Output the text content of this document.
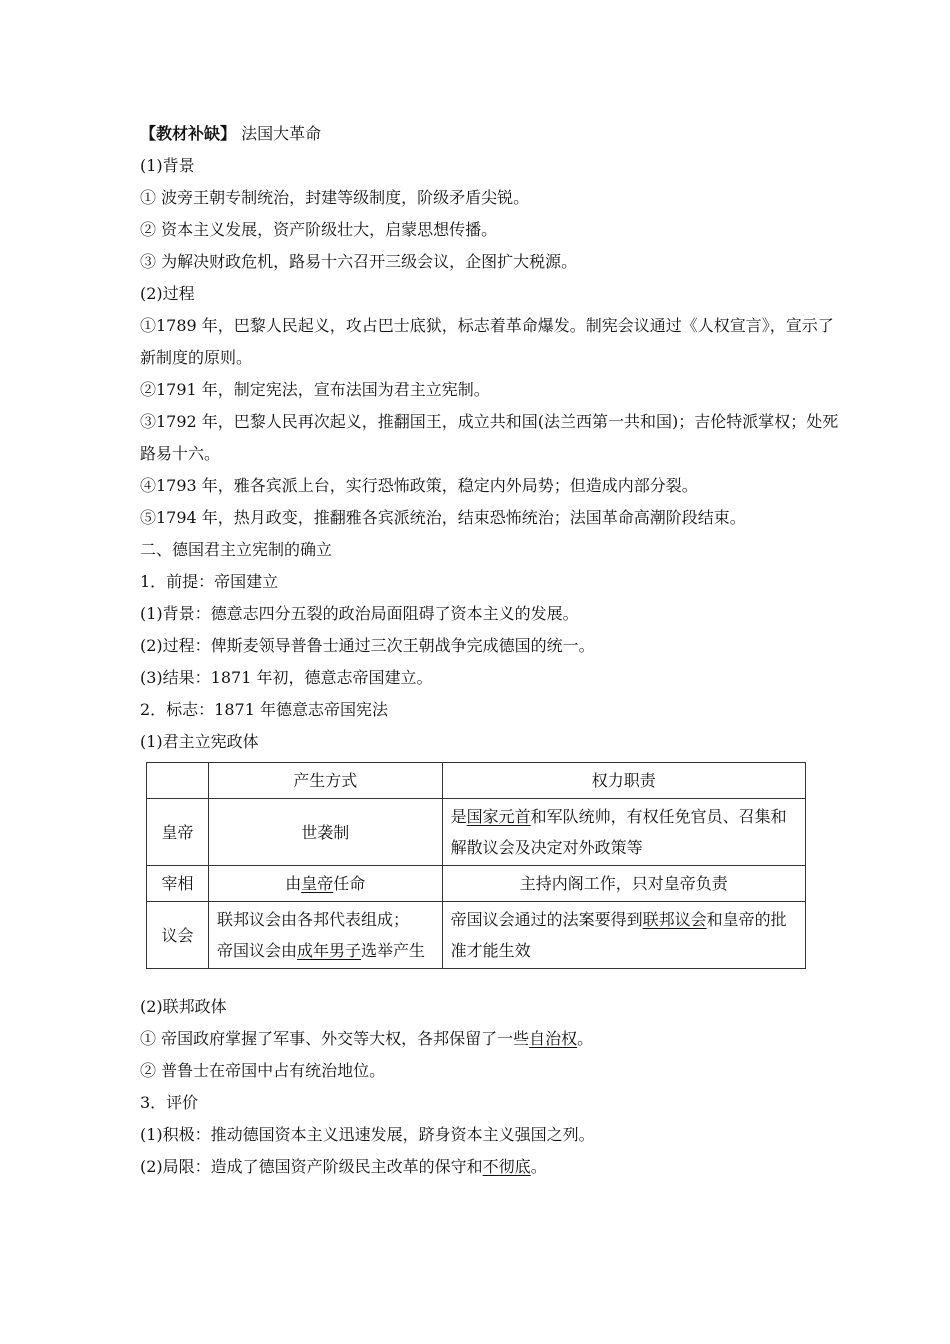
【教材补缺】 法国大革命
(1)背景
① 波旁王朝专制统治，封建等级制度，阶级矛盾尖锐。
② 资本主义发展，资产阶级壮大，启蒙思想传播。
③ 为解决财政危机，路易十六召开三级会议，企图扩大税源。
(2)过程
①1789 年，巴黎人民起义，攻占巴士底狱，标志着革命爆发。制宪会议通过《人权宣言》，宣示了新制度的原则。
②1791 年，制定宪法，宣布法国为君主立宪制。
③1792 年，巴黎人民再次起义，推翻国王，成立共和国(法兰西第一共和国)；吉伦特派掌权；处死路易十六。
④1793 年，雅各宾派上台，实行恐怖政策，稳定内外局势；但造成内部分裂。
⑤1794 年，热月政变，推翻雅各宾派统治，结束恐怖统治；法国革命高潮阶段结束。
二、德国君主立宪制的确立
1．前提：帝国建立
(1)背景：德意志四分五裂的政治局面阻碍了资本主义的发展。
(2)过程：俾斯麦领导普鲁士通过三次王朝战争完成德国的统一。
(3)结果：1871 年初，德意志帝国建立。
2．标志：1871 年德意志帝国宪法
(1)君主立宪政体
	产生方式	权力职责
皇帝	世袭制	是国家元首和军队统帅，有权任免官员、召集和解散议会及决定对外政策等
宰相	由皇帝任命	主持内阁工作，只对皇帝负责
议会	联邦议会由各邦代表组成；
帝国议会由成年男子选举产生	帝国议会通过的法案要得到联邦议会和皇帝的批准才能生效
(2)联邦政体
① 帝国政府掌握了军事、外交等大权，各邦保留了一些自治权。
② 普鲁士在帝国中占有统治地位。
3．评价
(1)积极：推动德国资本主义迅速发展，跻身资本主义强国之列。
(2)局限：造成了德国资产阶级民主改革的保守和不彻底。
